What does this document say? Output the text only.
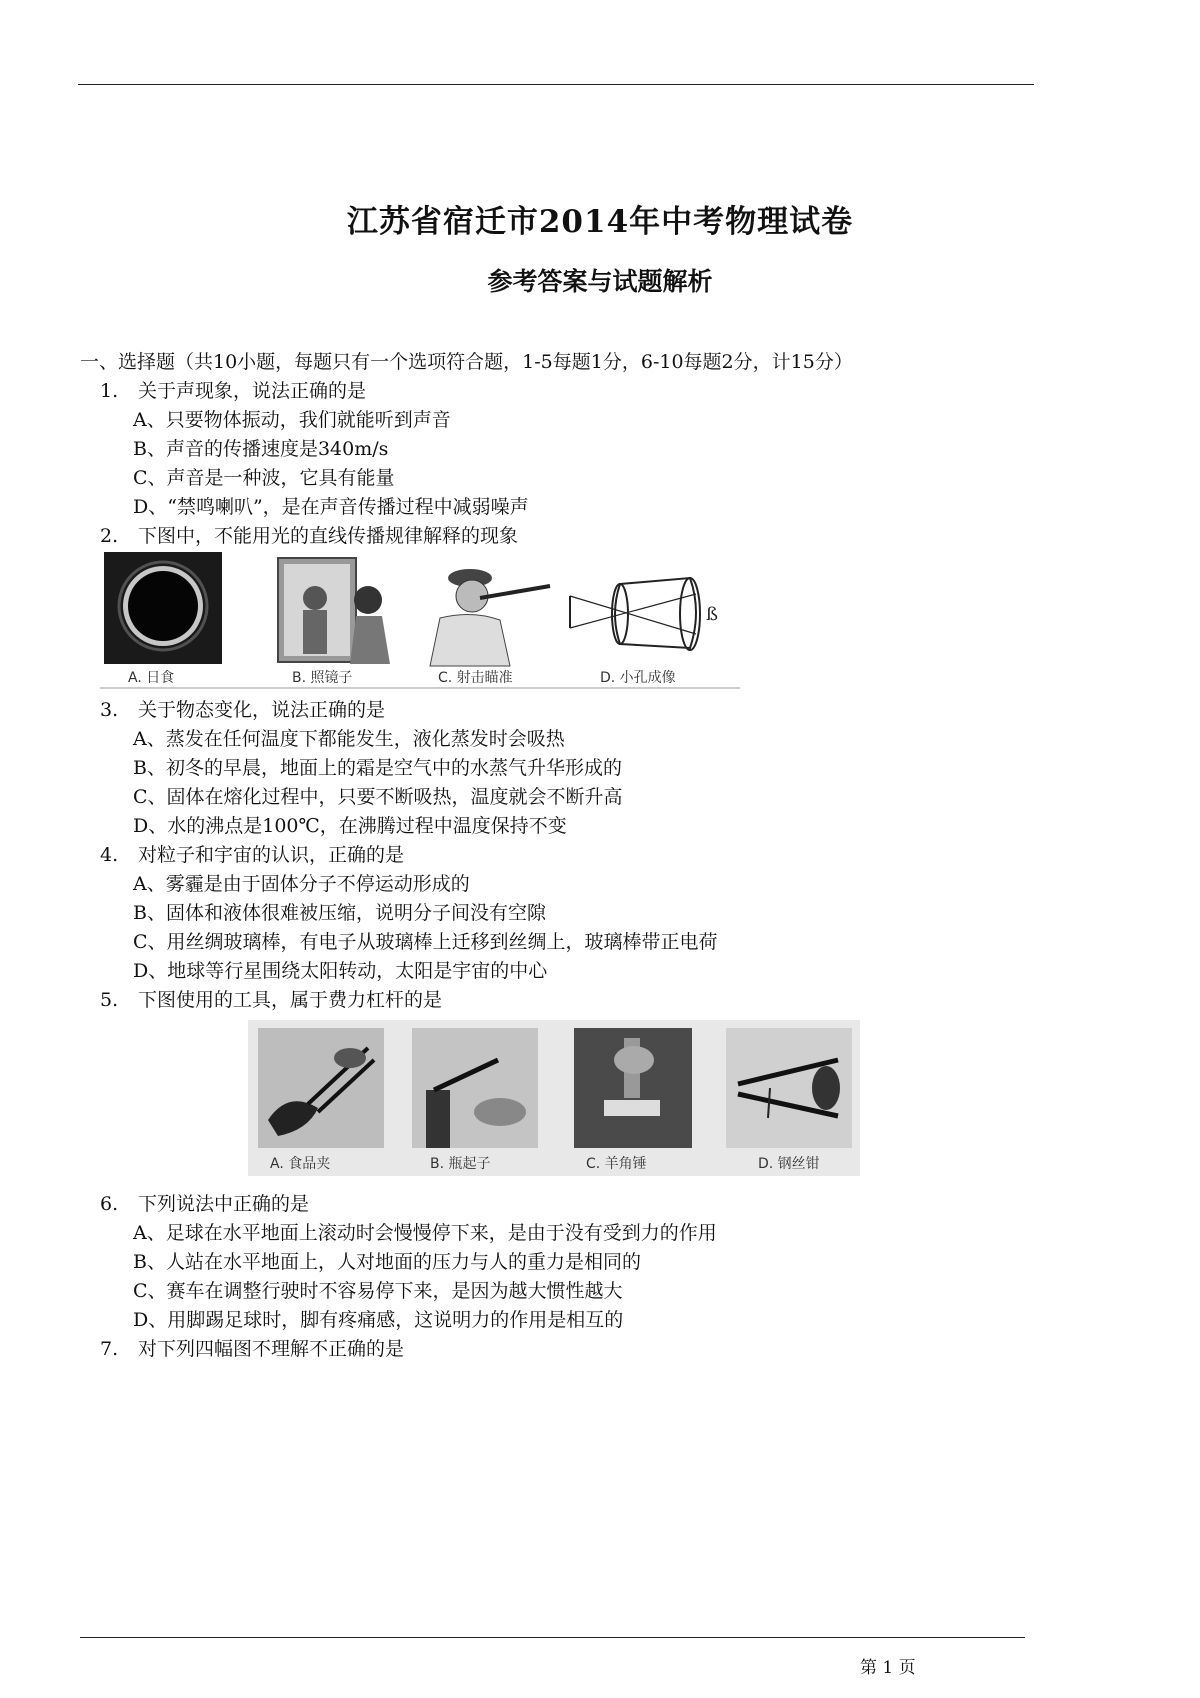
江苏省宿迁市2014年中考物理试卷
参考答案与试题解析
一、选择题（共10小题，每题只有一个选项符合题，1-5每题1分，6-10每题2分，计15分）
1. 关于声现象，说法正确的是
A、只要物体振动，我们就能听到声音
B、声音的传播速度是340m/s
C、声音是一种波，它具有能量
D、“禁鸣喇叭”，是在声音传播过程中减弱噪声
2. 下图中，不能用光的直线传播规律解释的现象
A. 日食	B. 照镜子	C. 射击瞄准
ß
D. 小孔成像
3. 关于物态变化，说法正确的是
A、蒸发在任何温度下都能发生，液化蒸发时会吸热
B、初冬的早晨，地面上的霜是空气中的水蒸气升华形成的
C、固体在熔化过程中，只要不断吸热，温度就会不断升高
D、水的沸点是100℃，在沸腾过程中温度保持不变
4. 对粒子和宇宙的认识，正确的是
A、雾霾是由于固体分子不停运动形成的
B、固体和液体很难被压缩，说明分子间没有空隙
C、用丝绸玻璃棒，有电子从玻璃棒上迁移到丝绸上，玻璃棒带正电荷
D、地球等行星围绕太阳转动，太阳是宇宙的中心
5. 下图使用的工具，属于费力杠杆的是
A. 食品夹	B. 瓶起子	C. 羊角锤	D. 钢丝钳
6. 下列说法中正确的是
A、足球在水平地面上滚动时会慢慢停下来，是由于没有受到力的作用
B、人站在水平地面上，人对地面的压力与人的重力是相同的
C、赛车在调整行驶时不容易停下来，是因为越大惯性越大
D、用脚踢足球时，脚有疼痛感，这说明力的作用是相互的
7. 对下列四幅图不理解不正确的是
第 1 页
